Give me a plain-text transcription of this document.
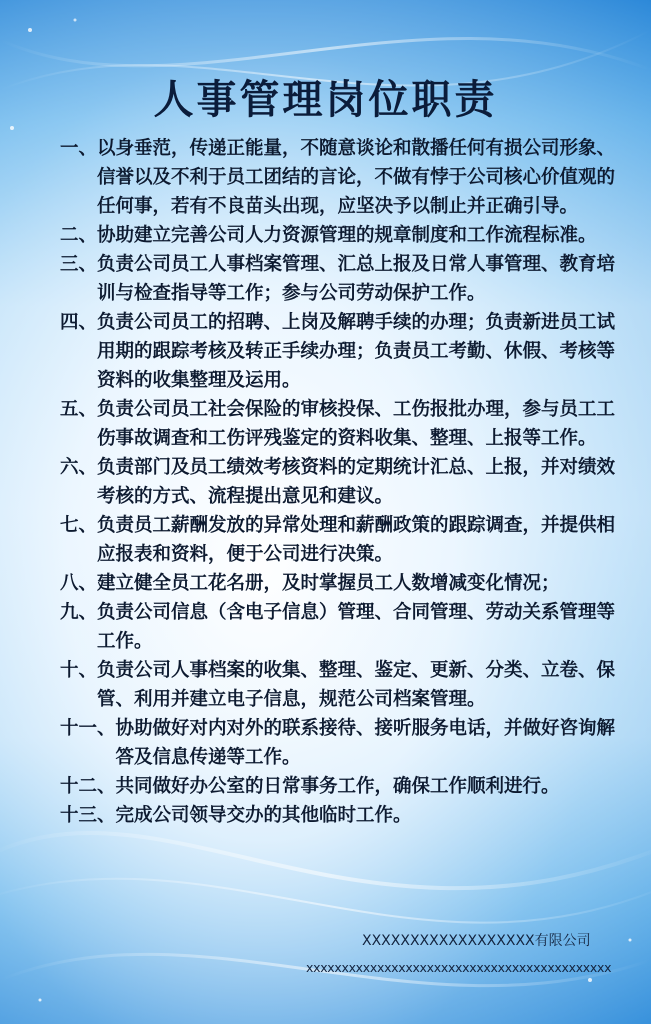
人事管理岗位职责
一、 以身垂范，传递正能量，不随意谈论和散播任何有损公司形象、信誉以及不利于员工团结的言论，不做有悖于公司核心价值观的任何事，若有不良苗头出现，应坚决予以制止并正确引导。
二、 协助建立完善公司人力资源管理的规章制度和工作流程标准。
三、 负责公司员工人事档案管理、汇总上报及日常人事管理、教育培训与检查指导等工作；参与公司劳动保护工作。
四、 负责公司员工的招聘、上岗及解聘手续的办理；负责新进员工试用期的跟踪考核及转正手续办理；负责员工考勤、休假、考核等资料的收集整理及运用。
五、 负责公司员工社会保险的审核投保、工伤报批办理，参与员工工伤事故调查和工伤评残鉴定的资料收集、整理、上报等工作。
六、 负责部门及员工绩效考核资料的定期统计汇总、上报，并对绩效考核的方式、流程提出意见和建议。
七、 负责员工薪酬发放的异常处理和薪酬政策的跟踪调查，并提供相应报表和资料，便于公司进行决策。
八、 建立健全员工花名册，及时掌握员工人数增减变化情况；
九、 负责公司信息（含电子信息）管理、合同管理、劳动关系管理等工作。
十、 负责公司人事档案的收集、整理、鉴定、更新、分类、立卷、保管、利用并建立电子信息，规范公司档案管理。
十一、 协助做好对内对外的联系接待、接听服务电话，并做好咨询解答及信息传递等工作。
十二、 共同做好办公室的日常事务工作，确保工作顺利进行。
十三、 完成公司领导交办的其他临时工作。
XXXXXXXXXXXXXXXXXX有限公司
xxxxxxxxxxxxxxxxxxxxxxxxxxxxxxxxxxxxxxxxxxx
